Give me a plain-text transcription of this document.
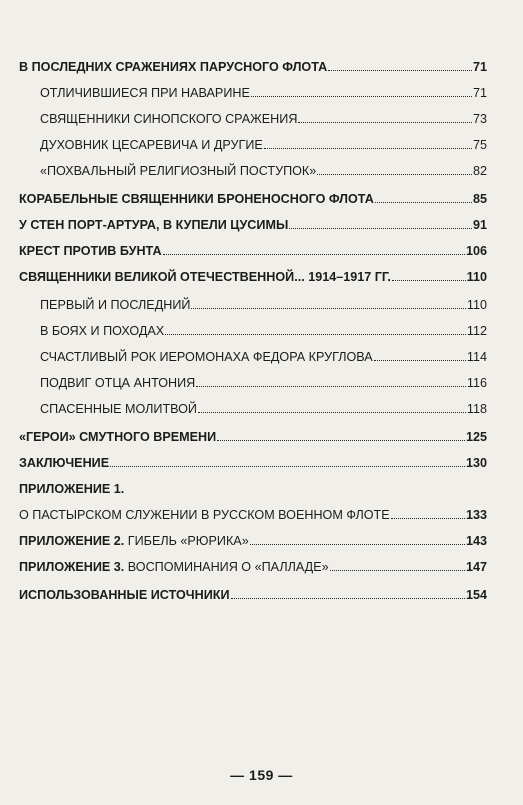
В ПОСЛЕДНИХ СРАЖЕНИЯХ ПАРУСНОГО ФЛОТА	71
ОТЛИЧИВШИЕСЯ ПРИ НАВАРИНЕ	71
СВЯЩЕННИКИ СИНОПСКОГО СРАЖЕНИЯ	73
ДУХОВНИК ЦЕСАРЕВИЧА И ДРУГИЕ	75
«ПОХВАЛЬНЫЙ РЕЛИГИОЗНЫЙ ПОСТУПОК»	82
КОРАБЕЛЬНЫЕ СВЯЩЕННИКИ БРОНЕНОСНОГО ФЛОТА	85
У СТЕН ПОРТ-АРТУРА, В КУПЕЛИ ЦУСИМЫ	91
КРЕСТ ПРОТИВ БУНТА	106
СВЯЩЕННИКИ ВЕЛИКОЙ ОТЕЧЕСТВЕННОЙ... 1914–1917 ГГ.	110
ПЕРВЫЙ И ПОСЛЕДНИЙ	110
В БОЯХ И ПОХОДАХ	112
СЧАСТЛИВЫЙ РОК ИЕРОМОНАХА ФЕДОРА КРУГЛОВА	114
ПОДВИГ ОТЦА АНТОНИЯ	116
СПАСЕННЫЕ МОЛИТВОЙ	118
«ГЕРОИ» СМУТНОГО ВРЕМЕНИ	125
ЗАКЛЮЧЕНИЕ	130
ПРИЛОЖЕНИЕ 1.
О ПАСТЫРСКОМ СЛУЖЕНИИ В РУССКОМ ВОЕННОМ ФЛОТЕ	133
ПРИЛОЖЕНИЕ 2. ГИБЕЛЬ «РЮРИКА»	143
ПРИЛОЖЕНИЕ 3. ВОСПОМИНАНИЯ О «ПАЛЛАДЕ»	147
ИСПОЛЬЗОВАННЫЕ ИСТОЧНИКИ	154
— 159 —
